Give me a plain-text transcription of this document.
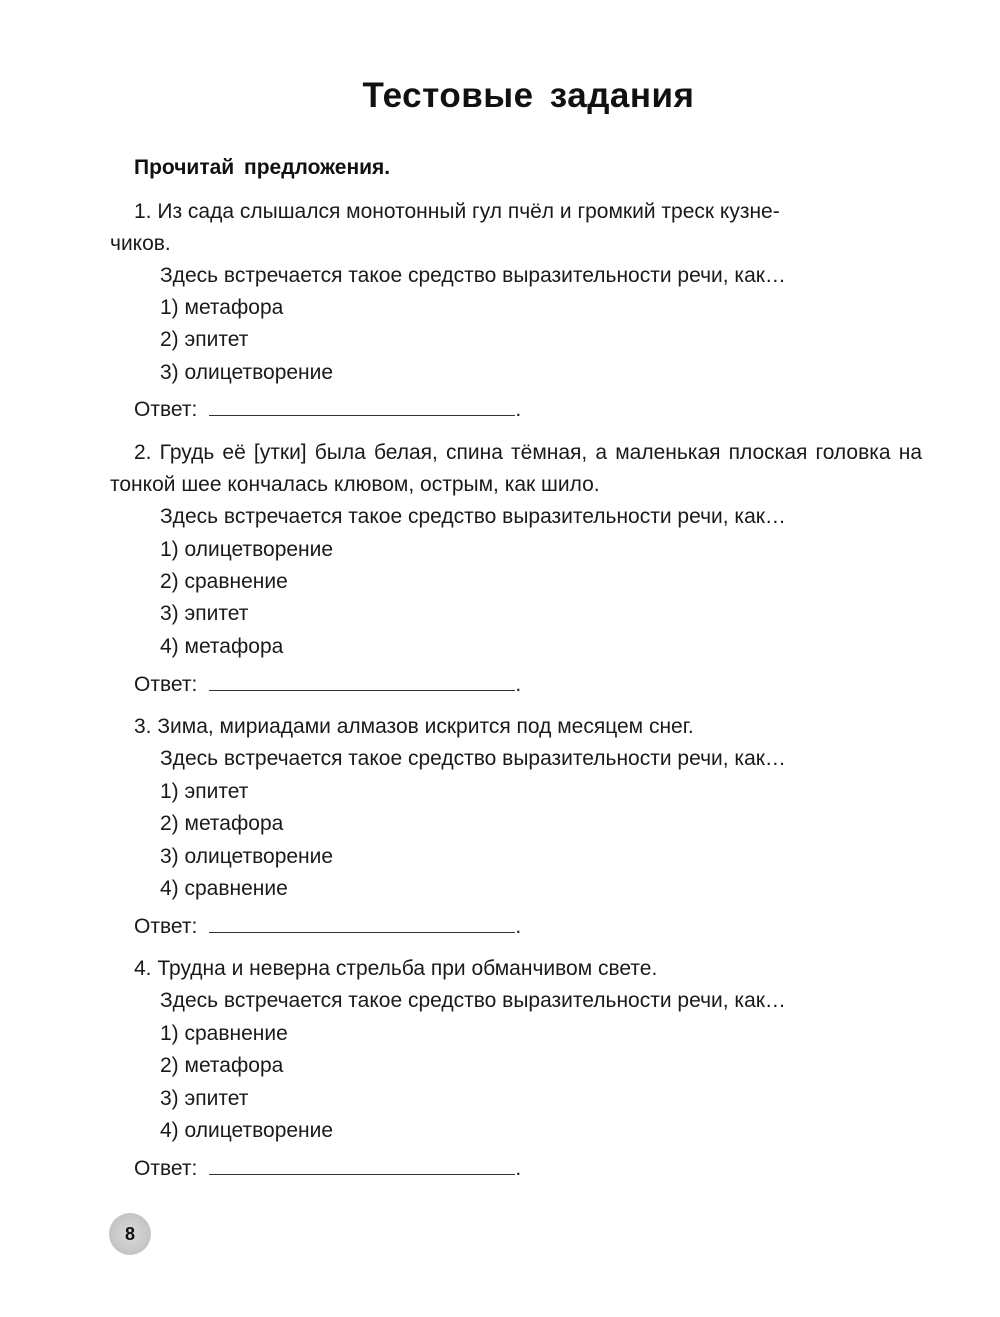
Тестовые задания
Прочитай предложения.
1. Из сада слышался монотонный гул пчёл и громкий треск кузне-
чиков.
Здесь встречается такое средство выразительности речи, как…
1) метафора
2) эпитет
3) олицетворение
Ответ:	.
2. Грудь её [утки] была белая, спина тёмная, а маленькая плоская головка на тонкой шее кончалась клювом, острым, как шило.
Здесь встречается такое средство выразительности речи, как…
1) олицетворение
2) сравнение
3) эпитет
4) метафора
Ответ:	.
3. Зима, мириадами алмазов искрится под месяцем снег.
Здесь встречается такое средство выразительности речи, как…
1) эпитет
2) метафора
3) олицетворение
4) сравнение
Ответ:	.
4. Трудна и неверна стрельба при обманчивом свете.
Здесь встречается такое средство выразительности речи, как…
1) сравнение
2) метафора
3) эпитет
4) олицетворение
Ответ:	.
8
